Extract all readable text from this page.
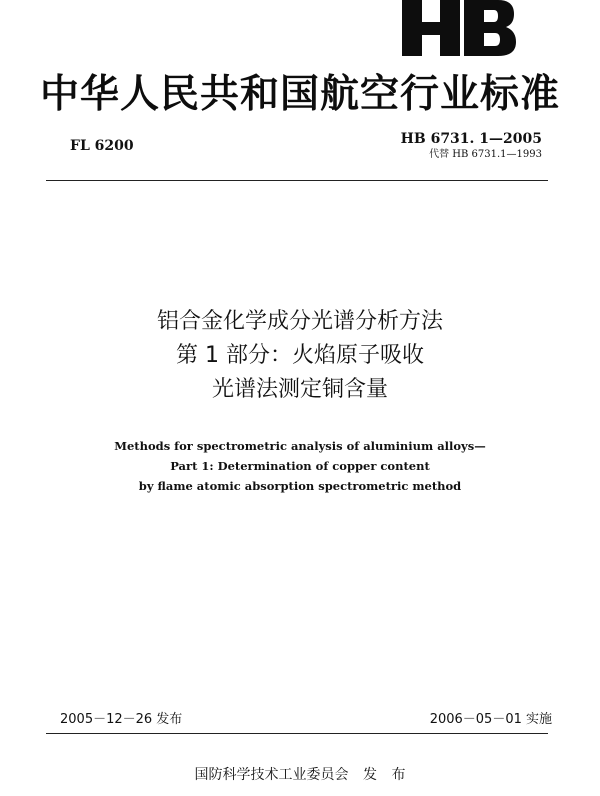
中华人民共和国航空行业标准
FL 6200	HB 6731. 1—2005
代替 HB 6731.1—1993
铝合金化学成分光谱分析方法
第 1 部分：火焰原子吸收
光谱法测定铜含量
Methods for spectrometric analysis of aluminium alloys—
Part 1: Determination of copper content
by flame atomic absorption spectrometric method
2005－12－26 发布	2006－05－01 实施
国防科学技术工业委员会 发 布
